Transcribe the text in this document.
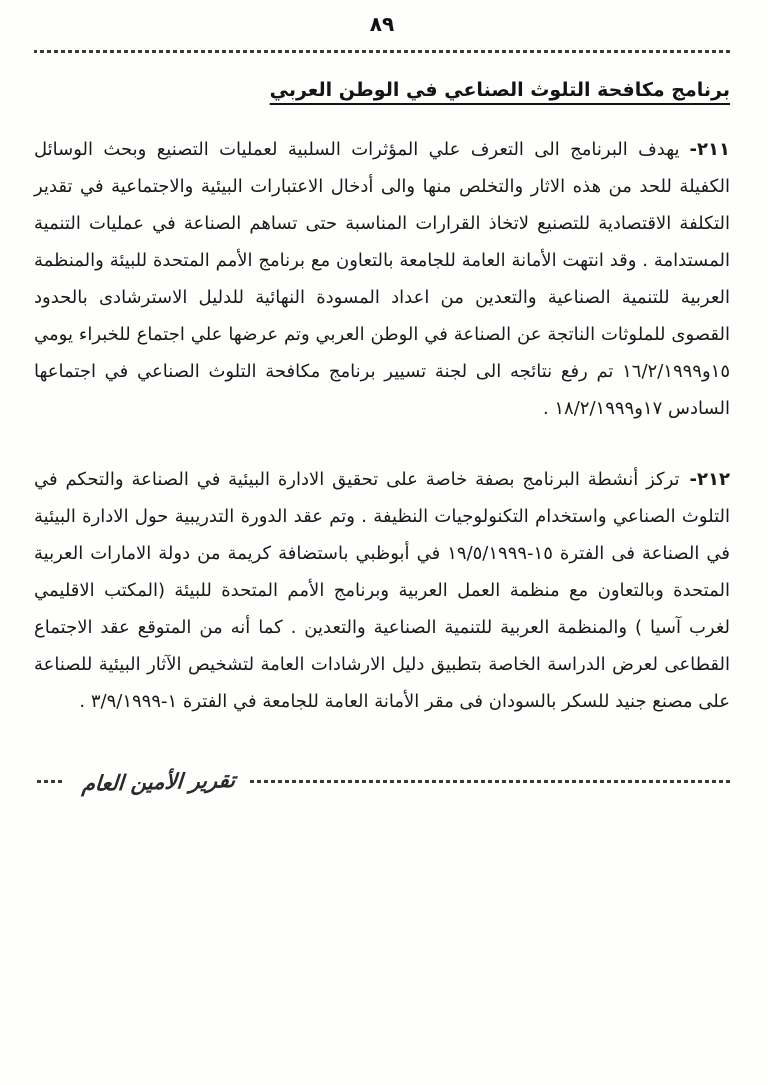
٨٩
برنامج مكافحة التلوث الصناعي في الوطن العربي

٢١١-يهدف البرنامج الى التعرف علي المؤثرات السلبية لعمليات التصنيع وبحث الوسائل الكفيلة للحد من هذه الاثار والتخلص منها والى أدخال الاعتبارات البيئية والاجتماعية في تقدير التكلفة الاقتصادية للتصنيع لاتخاذ القرارات المناسبة حتى تساهم الصناعة في عمليات التنمية المستدامة . وقد انتهت الأمانة العامة للجامعة بالتعاون مع برنامج الأمم المتحدة للبيئة والمنظمة العربية للتنمية الصناعية والتعدين من اعداد المسودة النهائية للدليل الاسترشادى بالحدود القصوى للملوثات الناتجة عن الصناعة في الوطن العربي وتم عرضها علي اجتماع للخبراء يومي ١٥و١٦/٢/١٩٩٩ تم رفع نتائجه الى لجنة تسيير برنامج مكافحة التلوث الصناعي في اجتماعها السادس ١٧و١٨/٢/١٩٩٩ .

٢١٢-تركز أنشطة البرنامج بصفة خاصة على تحقيق الادارة البيئية في الصناعة والتحكم في التلوث الصناعي واستخدام التكنولوجيات النظيفة . وتم عقد الدورة التدريبية حول الادارة البيئية في الصناعة فى الفترة ١٥-١٩/٥/١٩٩٩ في أبوظبي باستضافة كريمة من دولة الامارات العربية المتحدة وبالتعاون مع منظمة العمل العربية وبرنامج الأمم المتحدة للبيئة (المكتب الاقليمي لغرب آسيا ) والمنظمة العربية للتنمية الصناعية والتعدين . كما أنه من المتوقع عقد الاجتماع القطاعى لعرض الدراسة الخاصة بتطبيق دليل الارشادات العامة لتشخيص الآثار البيئية للصناعة على مصنع جنيد للسكر بالسودان فى مقر الأمانة العامة للجامعة في الفترة ١-٣/٩/١٩٩٩ .

تقرير الأمين العام
